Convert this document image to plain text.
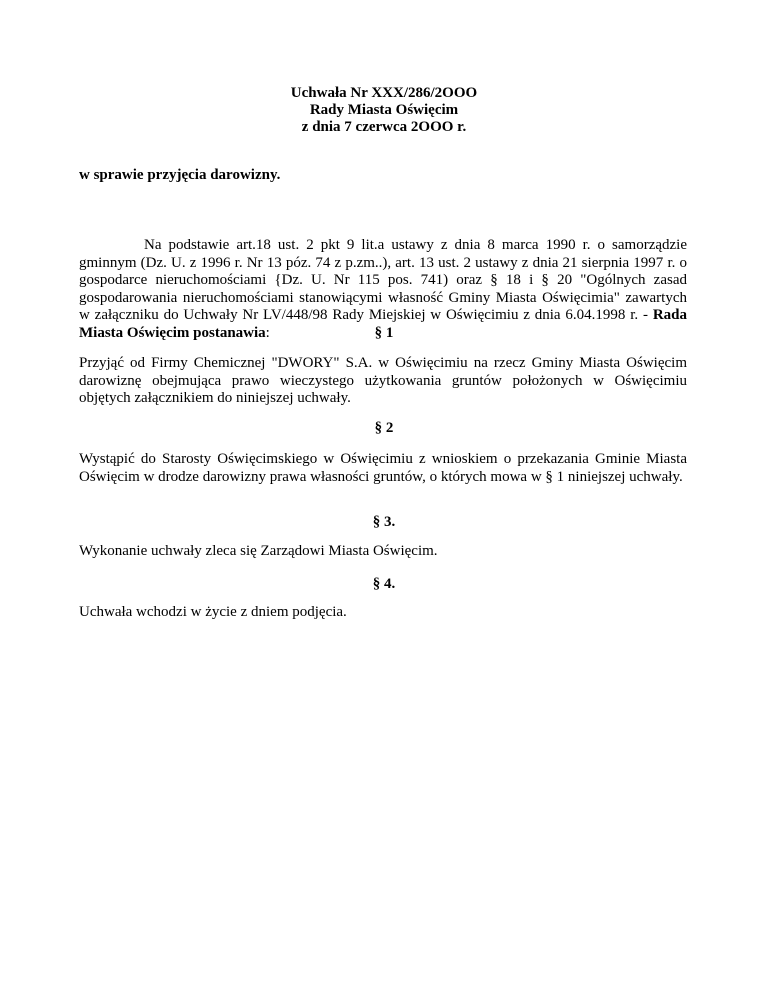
Uchwała Nr XXX/286/2OOO
Rady Miasta Oświęcim
z dnia 7 czerwca 2OOO r.
w sprawie przyjęcia darowizny.
Na podstawie art.18 ust. 2 pkt 9 lit.a ustawy z dnia 8 marca 1990 r. o samorządzie gminnym (Dz. U. z 1996 r. Nr 13 póz. 74 z p.zm..), art. 13 ust. 2 ustawy z dnia 21 sierpnia 1997 r. o gospodarce nieruchomościami {Dz. U. Nr 115 pos. 741) oraz § 18 i § 20 "Ogólnych zasad gospodarowania nieruchomościami stanowiącymi własność Gminy Miasta Oświęcimia" zawartych w załączniku do Uchwały Nr LV/448/98 Rady Miejskiej w Oświęcimiu z dnia 6.04.1998 r. - Rada Miasta Oświęcim postanawia:	§ 1
Przyjąć od Firmy Chemicznej "DWORY" S.A. w Oświęcimiu na rzecz Gminy Miasta Oświęcim darowiznę obejmująca prawo wieczystego użytkowania gruntów położonych w Oświęcimiu objętych załącznikiem do niniejszej uchwały.
§ 2
Wystąpić do Starosty Oświęcimskiego w Oświęcimiu z wnioskiem o przekazania Gminie Miasta Oświęcim w drodze darowizny prawa własności gruntów, o których mowa w § 1 niniejszej uchwały.
§ 3.
Wykonanie uchwały zleca się Zarządowi Miasta Oświęcim.
§ 4.
Uchwała wchodzi w życie z dniem podjęcia.
